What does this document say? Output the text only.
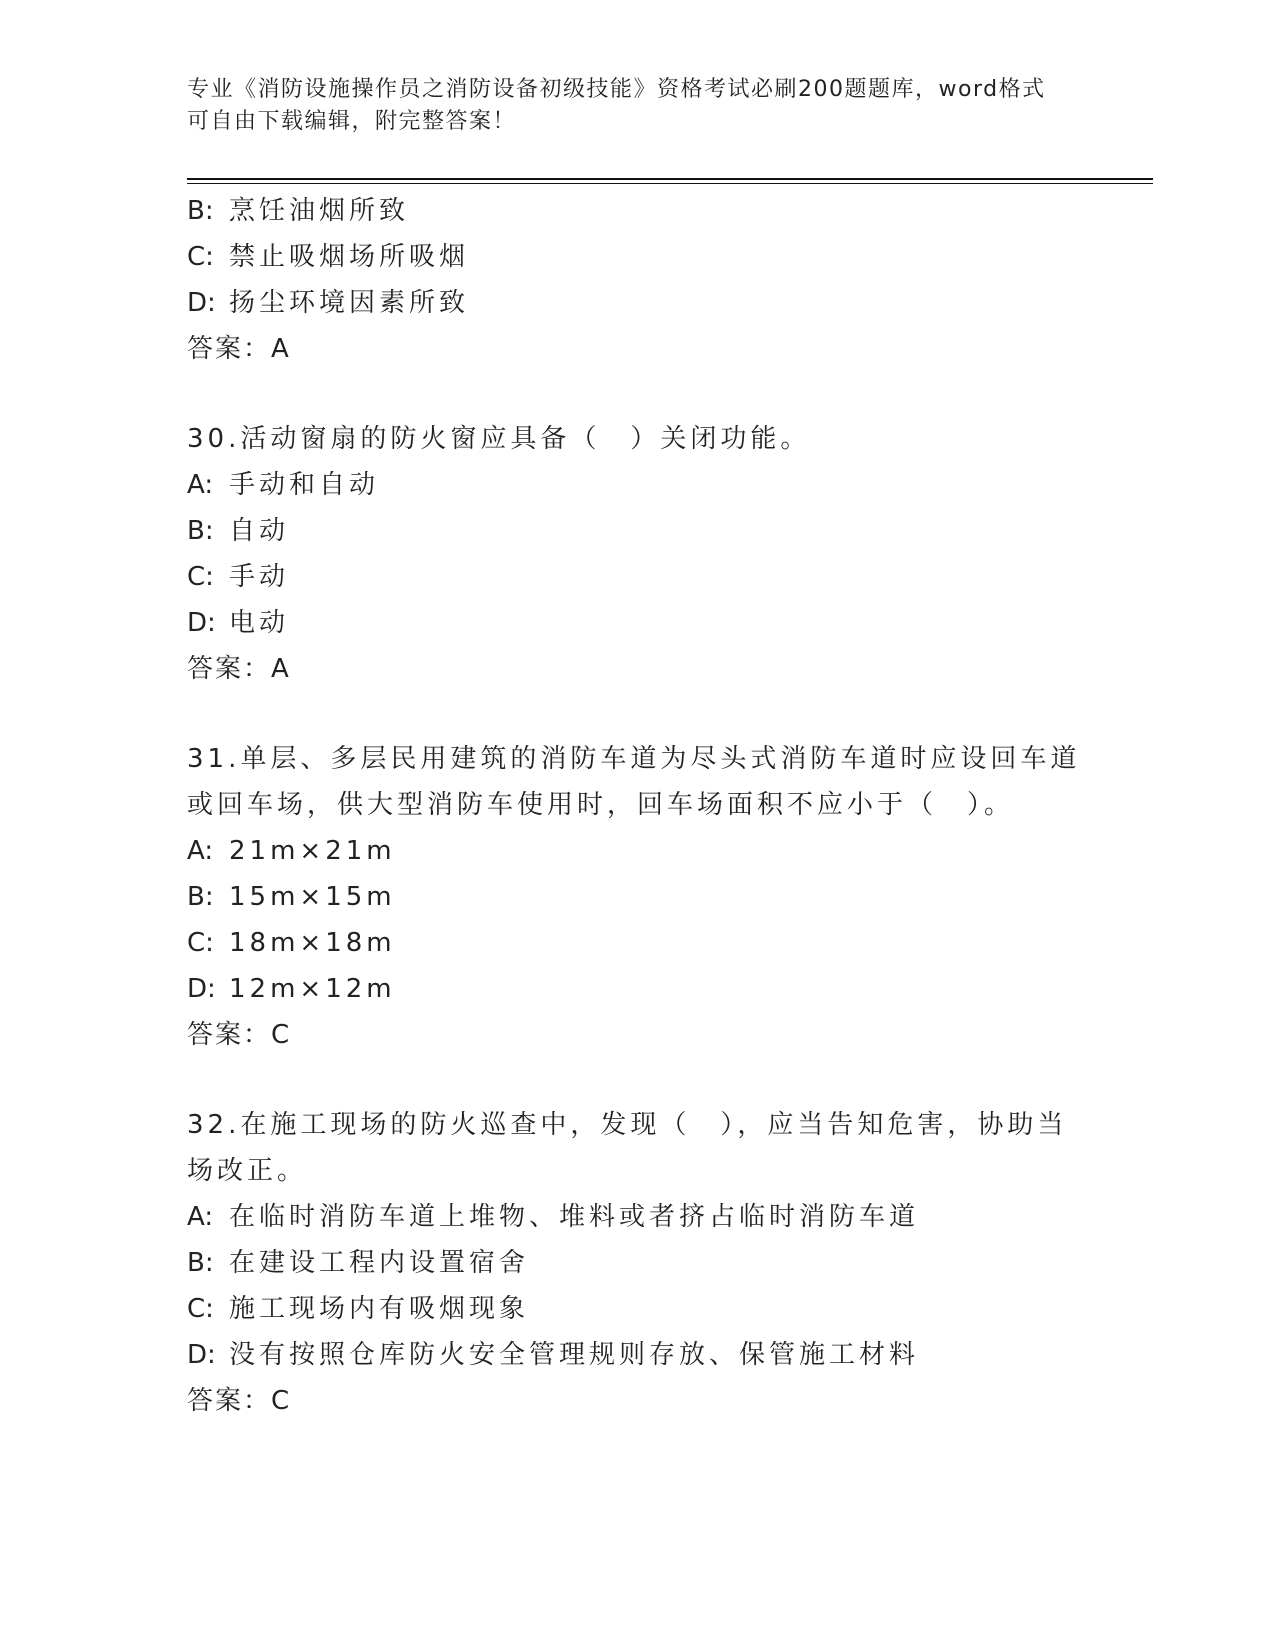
专业《消防设施操作员之消防设备初级技能》资格考试必刷200题题库，word格式可自由下载编辑，附完整答案！
B: 烹饪油烟所致
C: 禁止吸烟场所吸烟
D: 扬尘环境因素所致
答案：A
30.活动窗扇的防火窗应具备（　）关闭功能。
A: 手动和自动
B: 自动
C: 手动
D: 电动
答案：A
31.单层、多层民用建筑的消防车道为尽头式消防车道时应设回车道或回车场，供大型消防车使用时，回车场面积不应小于（　）。
A: 21m×21m
B: 15m×15m
C: 18m×18m
D: 12m×12m
答案：C
32.在施工现场的防火巡查中，发现（　），应当告知危害，协助当场改正。
A: 在临时消防车道上堆物、堆料或者挤占临时消防车道
B: 在建设工程内设置宿舍
C: 施工现场内有吸烟现象
D: 没有按照仓库防火安全管理规则存放、保管施工材料
答案：C
